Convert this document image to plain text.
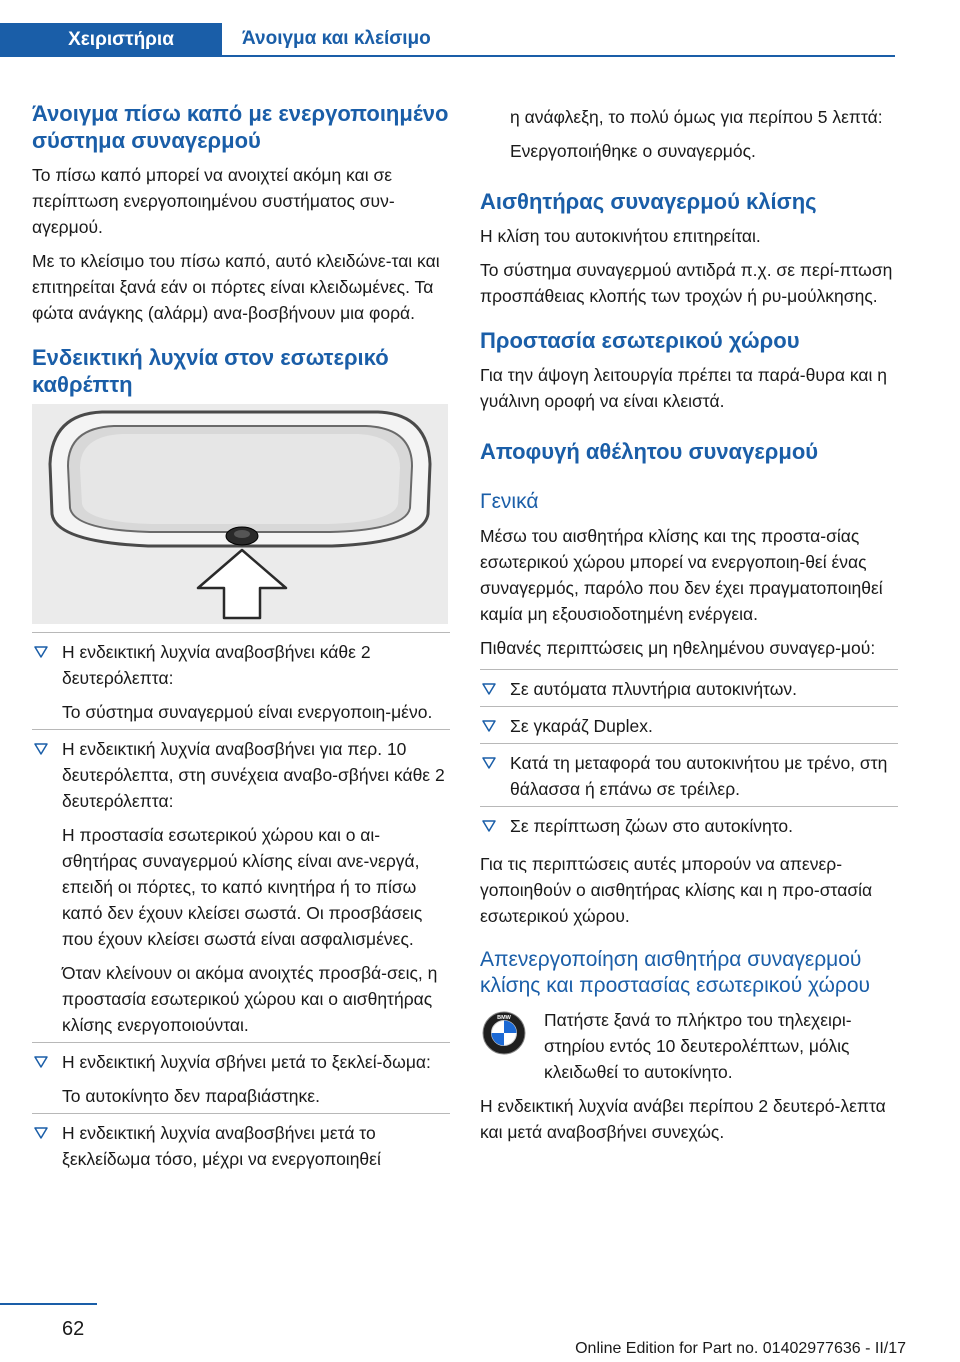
Χειριστήρια	Άνοιγμα και κλείσιμο
Άνοιγμα πίσω καπό με ενεργοποιημένο σύστημα συναγερμού

Το πίσω καπό μπορεί να ανοιχτεί ακόμη και σε περίπτωση ενεργοποιημένου συστήματος συν‐αγερμού.

Με το κλείσιμο του πίσω καπό, αυτό κλειδώνε‐ται και επιτηρείται ξανά εάν οι πόρτες είναι κλειδωμένες. Τα φώτα ανάγκης (αλάρμ) ανα‐βοσβήνουν μια φορά.

Ενδεικτική λυχνία στον εσωτερικό καθρέπτη

Η ενδεικτική λυχνία αναβοσβήνει κάθε 2 δευτερόλεπτα:

Το σύστημα συναγερμού είναι ενεργοποιη‐μένο.

Η ενδεικτική λυχνία αναβοσβήνει για περ. 10 δευτερόλεπτα, στη συνέχεια αναβο‐σβήνει κάθε 2 δευτερόλεπτα:

Η προστασία εσωτερικού χώρου και ο αι‐σθητήρας συναγερμού κλίσης είναι ανε‐νεργά, επειδή οι πόρτες, το καπό κινητήρα ή το πίσω καπό δεν έχουν κλείσει σωστά. Οι προσβάσεις που έχουν κλείσει σωστά είναι ασφαλισμένες.

Όταν κλείνουν οι ακόμα ανοιχτές προσβά‐σεις, η προστασία εσωτερικού χώρου και ο αισθητήρας κλίσης ενεργοποιούνται.

Η ενδεικτική λυχνία σβήνει μετά το ξεκλεί‐δωμα:

Το αυτοκίνητο δεν παραβιάστηκε.

Η ενδεικτική λυχνία αναβοσβήνει μετά το ξεκλείδωμα τόσο, μέχρι να ενεργοποιηθεί

η ανάφλεξη, το πολύ όμως για περίπου 5 λεπτά:

Ενεργοποιήθηκε ο συναγερμός.

Αισθητήρας συναγερμού κλίσης

Η κλίση του αυτοκινήτου επιτηρείται.

Το σύστημα συναγερμού αντιδρά π.χ. σε περί‐πτωση προσπάθειας κλοπής των τροχών ή ρυ‐μούλκησης.

Προστασία εσωτερικού χώρου

Για την άψογη λειτουργία πρέπει τα παρά‐θυρα και η γυάλινη οροφή να είναι κλειστά.

Αποφυγή αθέλητου συναγερμού
Γενικά

Μέσω του αισθητήρα κλίσης και της προστα‐σίας εσωτερικού χώρου μπορεί να ενεργοποιη‐θεί ένας συναγερμός, παρόλο που δεν έχει πραγματοποιηθεί καμία μη εξουσιοδοτημένη ενέργεια.

Πιθανές περιπτώσεις μη ηθελημένου συναγερ‐μού:

Σε αυτόματα πλυντήρια αυτοκινήτων.

Σε γκαράζ Duplex.

Κατά τη μεταφορά του αυτοκινήτου με τρένο, στη θάλασσα ή επάνω σε τρέιλερ.

Σε περίπτωση ζώων στο αυτοκίνητο.

Για τις περιπτώσεις αυτές μπορούν να απενερ‐γοποιηθούν ο αισθητήρας κλίσης και η προ‐στασία εσωτερικού χώρου.

Απενεργοποίηση αισθητήρα συναγερμού κλίσης και προστασίας εσωτερικού χώρου
BMW	Πατήστε ξανά το πλήκτρο του τηλεχειρι‐στηρίου εντός 10 δευτερολέπτων, μόλις κλειδωθεί το αυτοκίνητο.

Η ενδεικτική λυχνία ανάβει περίπου 2 δευτερό‐λεπτα και μετά αναβοσβήνει συνεχώς.

62
Online Edition for Part no. 01402977636 - II/17
